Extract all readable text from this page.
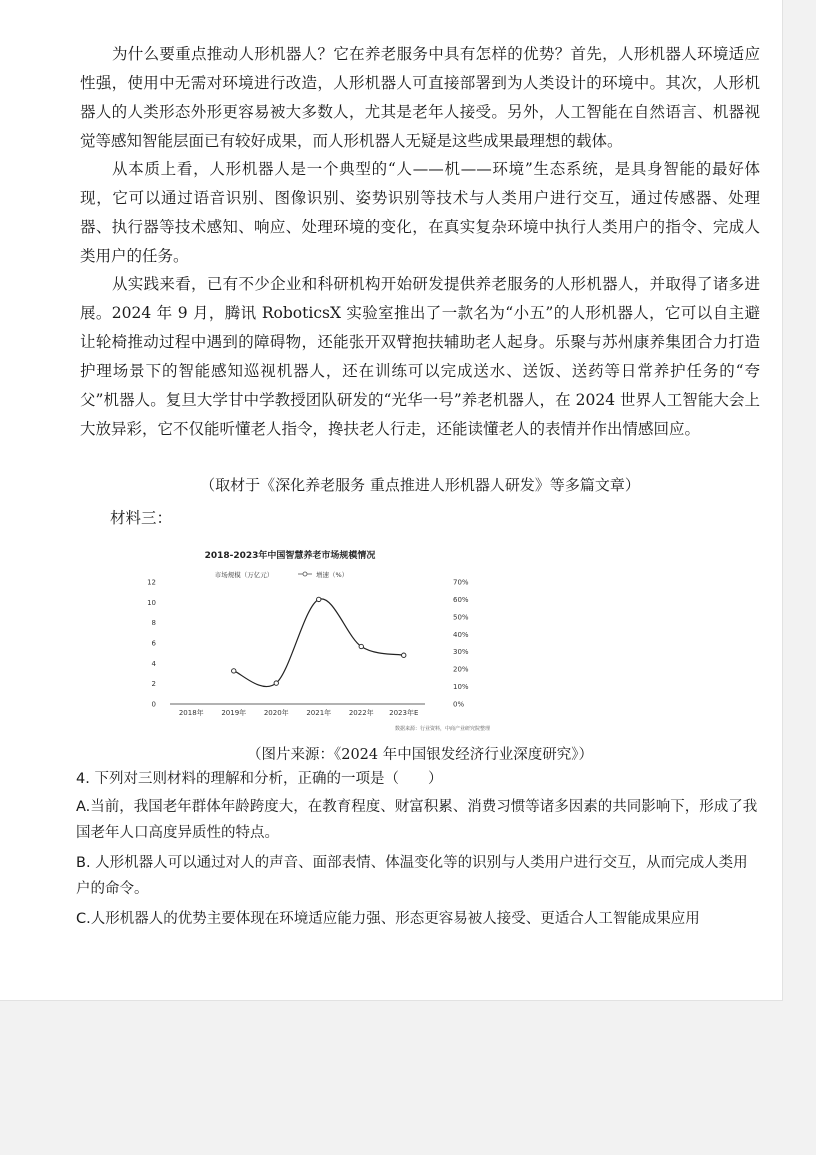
为什么要重点推动人形机器人？它在养老服务中具有怎样的优势？首先，人形机器人环境适应性强，使用中无需对环境进行改造，人形机器人可直接部署到为人类设计的环境中。其次，人形机器人的人类形态外形更容易被大多数人，尤其是老年人接受。另外，人工智能在自然语言、机器视觉等感知智能层面已有较好成果，而人形机器人无疑是这些成果最理想的载体。

从本质上看，人形机器人是一个典型的“人——机——环境”生态系统，是具身智能的最好体现，它可以通过语音识别、图像识别、姿势识别等技术与人类用户进行交互，通过传感器、处理器、执行器等技术感知、响应、处理环境的变化，在真实复杂环境中执行人类用户的指令、完成人类用户的任务。

从实践来看，已有不少企业和科研机构开始研发提供养老服务的人形机器人，并取得了诸多进展。2024 年 9 月，腾讯 RoboticsX 实验室推出了一款名为“小五”的人形机器人，它可以自主避让轮椅推动过程中遇到的障碍物，还能张开双臂抱扶辅助老人起身。乐聚与苏州康养集团合力打造护理场景下的智能感知巡视机器人，还在训练可以完成送水、送饭、送药等日常养护任务的“夸父”机器人。复旦大学甘中学教授团队研发的“光华一号”养老机器人，在 2024 世界人工智能大会上大放异彩，它不仅能听懂老人指令，搀扶老人行走，还能读懂老人的表情并作出情感回应。

（取材于《深化养老服务 重点推进人形机器人研发》等多篇文章）

材料三：

2018-2023年中国智慧养老市场规模情况
市场规模（万亿元）	增速（%）
0
2
4
6
8
10
12
0%
10%
20%
30%
40%
50%
60%
70%
2018年	2019年	2020年	2021年	2022年 2023年E
数据来源：行业资料，中商产业研究院整理

（图片来源：《2024 年中国银发经济行业深度研究》）

4. 下列对三则材料的理解和分析，正确的一项是（　　）

A.当前，我国老年群体年龄跨度大，在教育程度、财富积累、消费习惯等诸多因素的共同影响下，形成了我国老年人口高度异质性的特点。

B. 人形机器人可以通过对人的声音、面部表情、体温变化等的识别与人类用户进行交互，从而完成人类用户的命令。

C.人形机器人的优势主要体现在环境适应能力强、形态更容易被人接受、更适合人工智能成果应用
